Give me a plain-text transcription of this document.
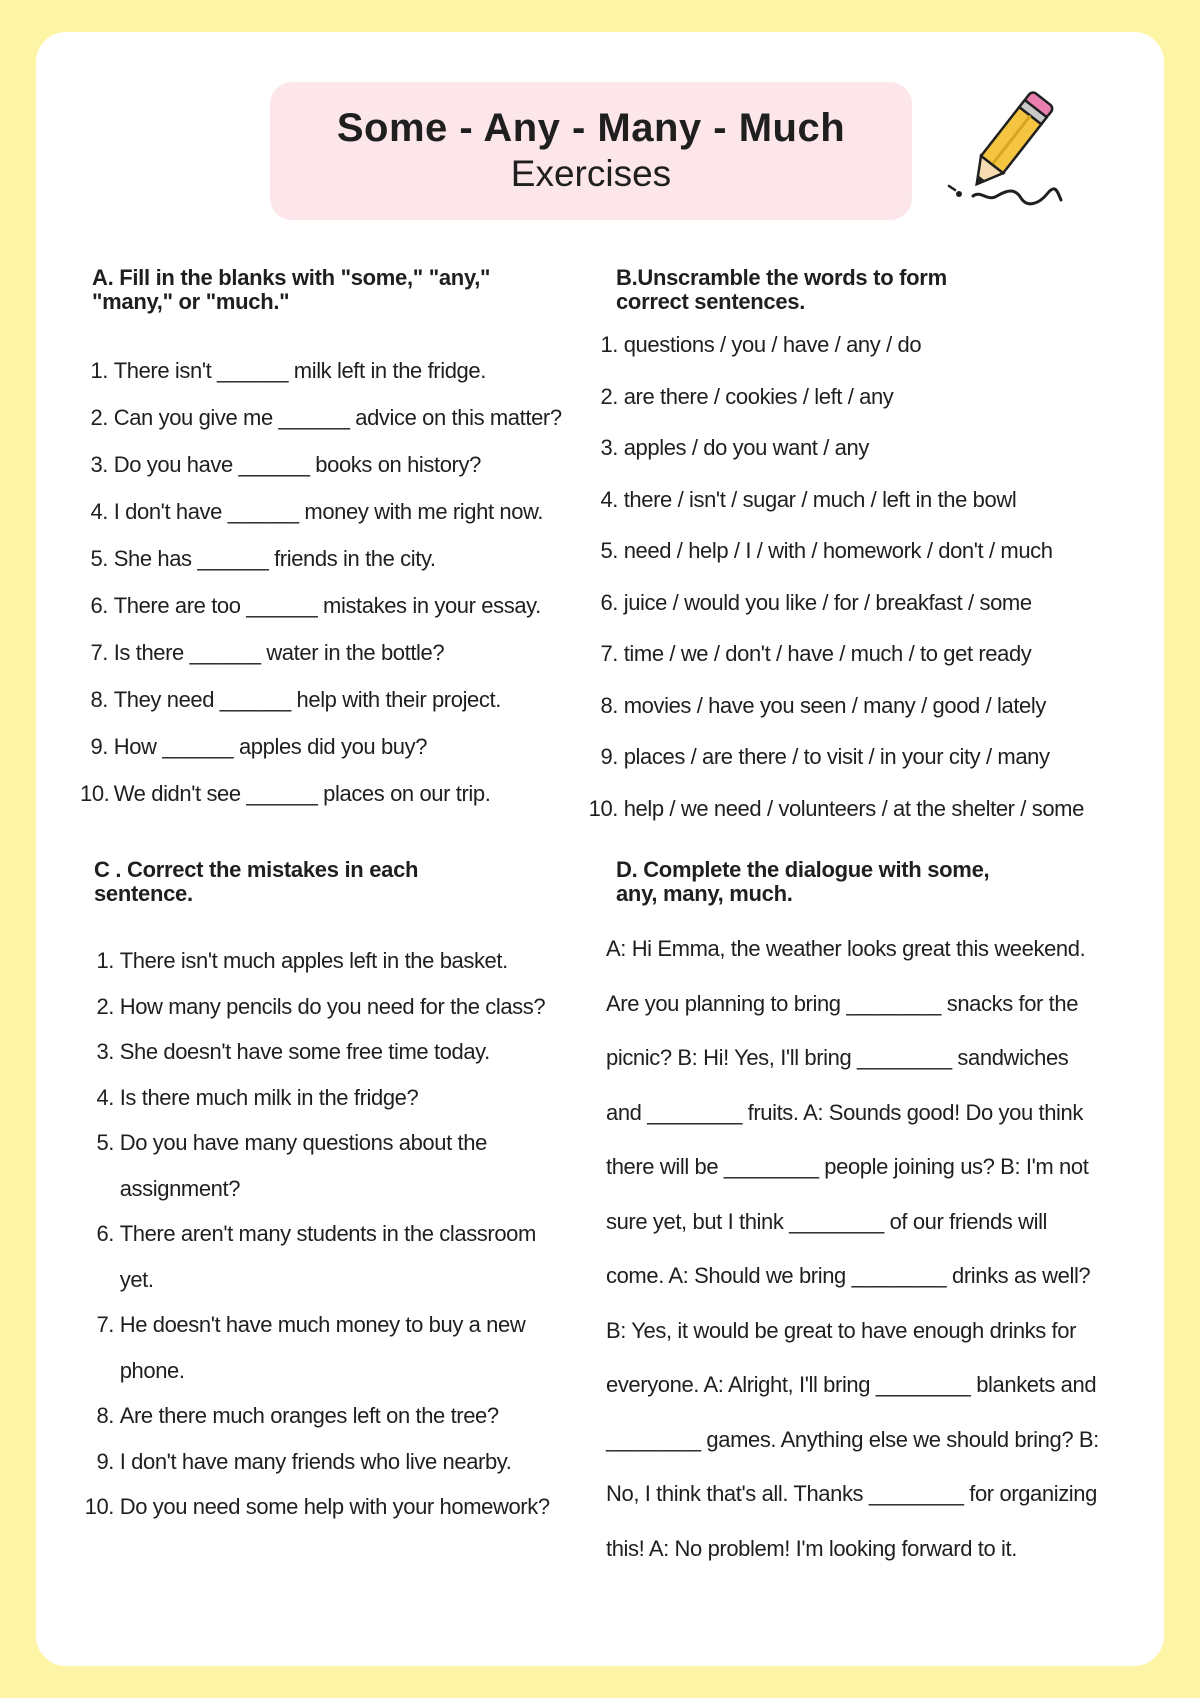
Some - Any - Many - Much
Exercises
A. Fill in the blanks with "some," "any," "many," or "much."
1.
There isn't ______ milk left in the fridge.
2.
Can you give me ______ advice on this matter?
3.
Do you have ______ books on history?
4.
I don't have ______ money with me right now.
5.
She has ______ friends in the city.
6.
There are too ______ mistakes in your essay.
7.
Is there ______ water in the bottle?
8.
They need ______ help with their project.
9.
How ______ apples did you buy?
10.
We didn't see ______ places on our trip.
B.Unscramble the words to form correct sentences.
1.
questions / you / have / any / do
2.
are there / cookies / left / any
3.
apples / do you want / any
4.
there / isn't / sugar / much / left in the bowl
5.
need / help / I / with / homework / don't / much
6.
juice / would you like / for / breakfast / some
7.
time / we / don't / have / much / to get ready
8.
movies / have you seen / many / good / lately
9.
places / are there / to visit / in your city / many
10.
help / we need / volunteers / at the shelter / some
C . Correct the mistakes in each sentence.
1.
There isn't much apples left in the basket.
2.
How many pencils do you need for the class?
3.
She doesn't have some free time today.
4.
Is there much milk in the fridge?
5.
Do you have many questions about the assignment?
6.
There aren't many students in the classroom yet.
7.
He doesn't have much money to buy a new phone.
8.
Are there much oranges left on the tree?
9.
I don't have many friends who live nearby.
10.
Do you need some help with your homework?
D. Complete the dialogue with some, any, many, much.

A: Hi Emma, the weather looks great this weekend. Are you planning to bring ________ snacks for the picnic? B: Hi! Yes, I'll bring ________ sandwiches and ________ fruits. A: Sounds good! Do you think there will be ________ people joining us? B: I'm not sure yet, but I think ________ of our friends will come. A: Should we bring ________ drinks as well? B: Yes, it would be great to have enough drinks for everyone. A: Alright, I'll bring ________ blankets and ________ games. Anything else we should bring? B: No, I think that's all. Thanks ________ for organizing this! A: No problem! I'm looking forward to it.
